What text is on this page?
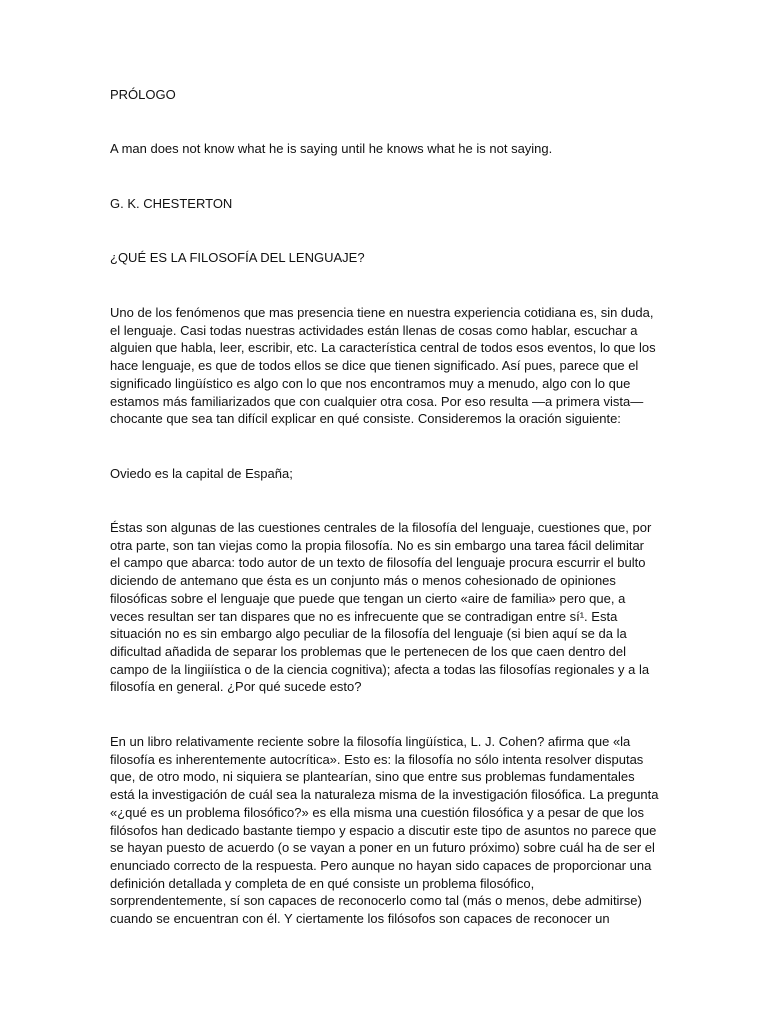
PRÓLOGO

A man does not know what he is saying until he knows what he is not saying.

G. K. CHESTERTON

¿QUÉ ES LA FILOSOFÍA DEL LENGUAJE?

Uno de los fenómenos que mas presencia tiene en nuestra experiencia cotidiana es, sin duda,
el lenguaje. Casi todas nuestras actividades están llenas de cosas como hablar, escuchar a
alguien que habla, leer, escribir, etc. La característica central de todos esos eventos, lo que los
hace lenguaje, es que de todos ellos se dice que tienen significado. Así pues, parece que el
significado lingüístico es algo con lo que nos encontramos muy a menudo, algo con lo que
estamos más familiarizados que con cualquier otra cosa. Por eso resulta —a primera vista—
chocante que sea tan difícil explicar en qué consiste. Consideremos la oración siguiente:

Oviedo es la capital de España;

Éstas son algunas de las cuestiones centrales de la filosofía del lenguaje, cuestiones que, por
otra parte, son tan viejas como la propia filosofía. No es sin embargo una tarea fácil delimitar
el campo que abarca: todo autor de un texto de filosofía del lenguaje procura escurrir el bulto
diciendo de antemano que ésta es un conjunto más o menos cohesionado de opiniones
filosóficas sobre el lenguaje que puede que tengan un cierto «aire de familia» pero que, a
veces resultan ser tan dispares que no es infrecuente que se contradigan entre sí¹. Esta
situación no es sin embargo algo peculiar de la filosofía del lenguaje (si bien aquí se da la
dificultad añadida de separar los problemas que le pertenecen de los que caen dentro del
campo de la lingiiística o de la ciencia cognitiva); afecta a todas las filosofías regionales y a la
filosofía en general. ¿Por qué sucede esto?
En un libro relativamente reciente sobre la filosofía lingüística, L. J. Cohen? afirma que «la
filosofía es inherentemente autocrítica». Esto es: la filosofía no sólo intenta resolver disputas
que, de otro modo, ni siquiera se plantearían, sino que entre sus problemas fundamentales
está la investigación de cuál sea la naturaleza misma de la investigación filosófica. La pregunta
«¿qué es un problema filosófico?» es ella misma una cuestión filosófica y a pesar de que los
filósofos han dedicado bastante tiempo y espacio a discutir este tipo de asuntos no parece que
se hayan puesto de acuerdo (o se vayan a poner en un futuro próximo) sobre cuál ha de ser el
enunciado correcto de la respuesta. Pero aunque no hayan sido capaces de proporcionar una
definición detallada y completa de en qué consiste un problema filosófico,
sorprendentemente, sí son capaces de reconocerlo como tal (más o menos, debe admitirse)
cuando se encuentran con él. Y ciertamente los filósofos son capaces de reconocer un
